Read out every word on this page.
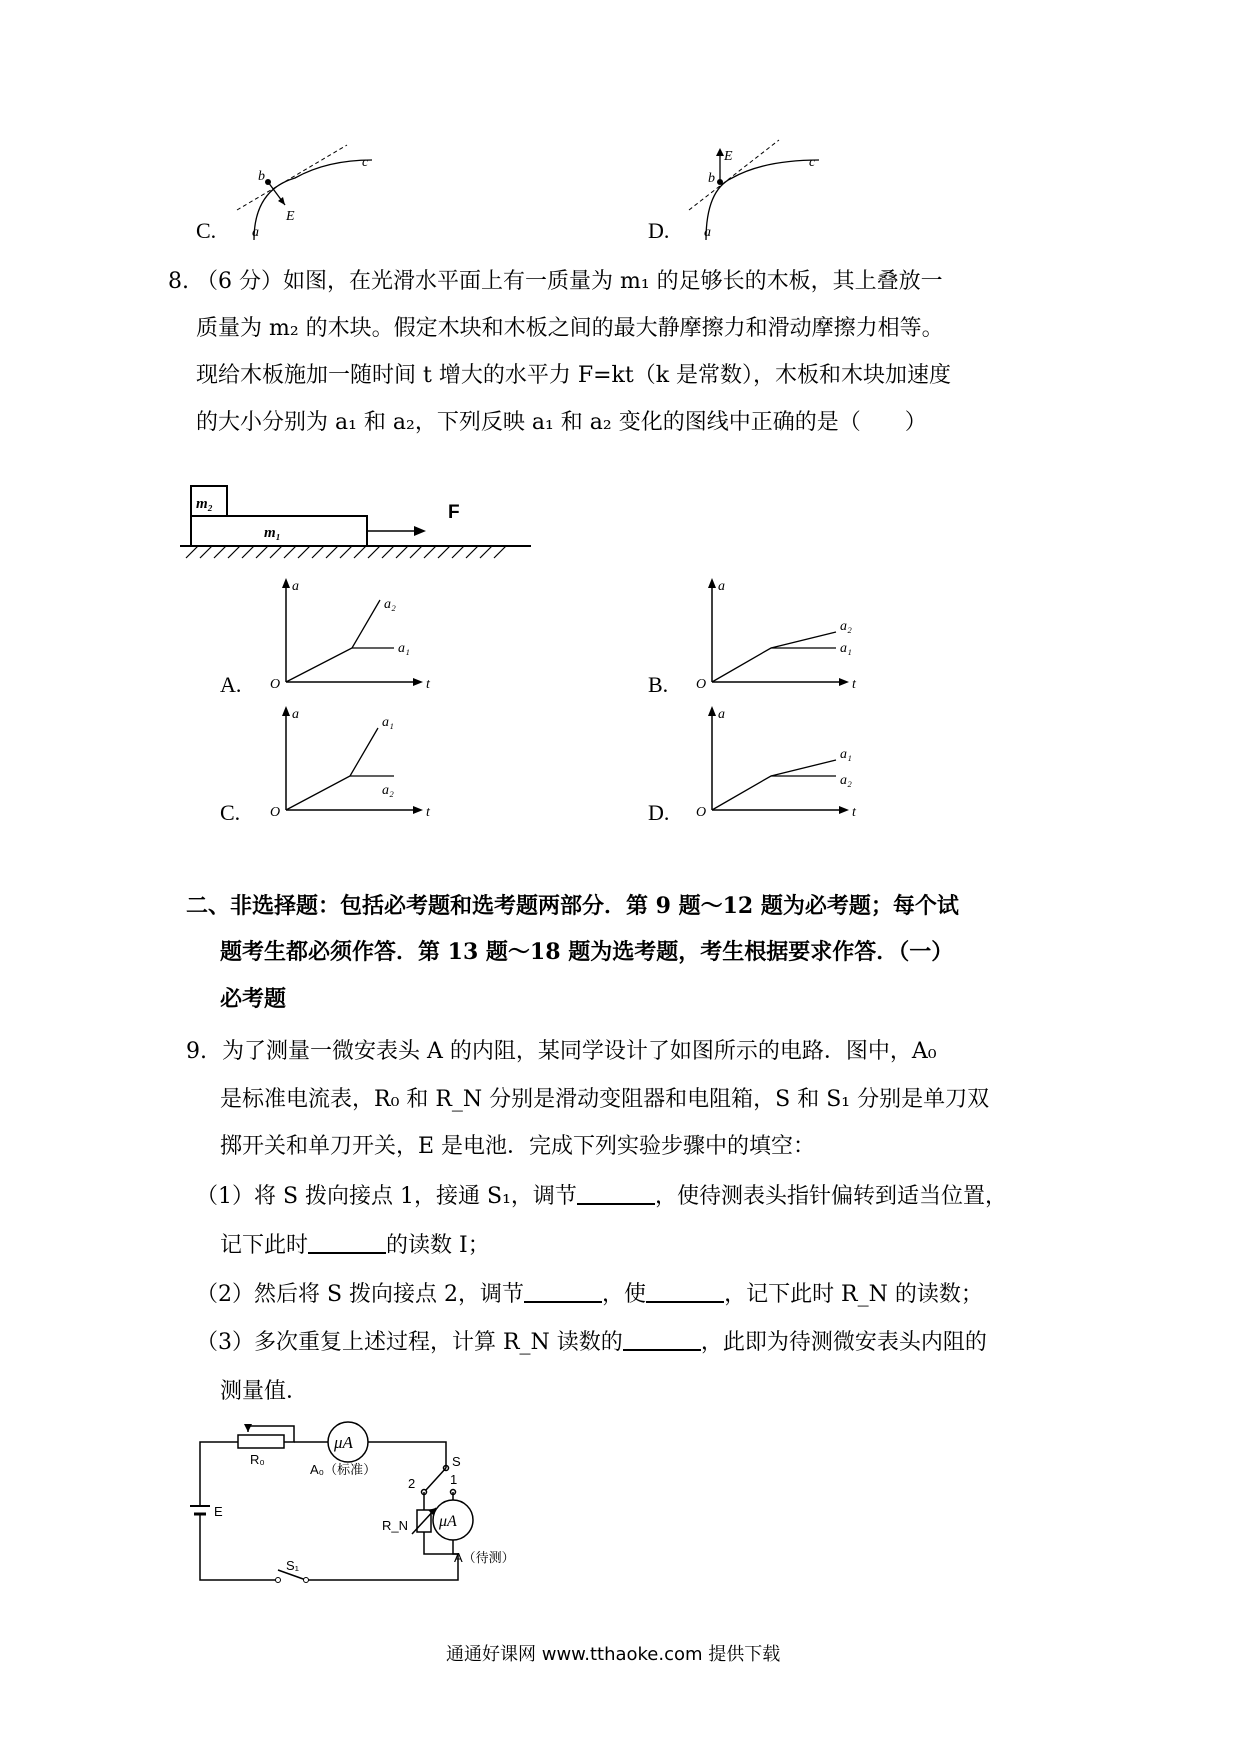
C.
b
c
E
a	D.
E
b
c
a
8. （6 分）如图，在光滑水平面上有一质量为 m₁ 的足够长的木板，其上叠放一
质量为 m₂ 的木块。假定木块和木板之间的最大静摩擦力和滑动摩擦力相等。
现给木板施加一随时间 t 增大的水平力 F=kt（k 是常数），木板和木块加速度
的大小分别为 a₁ 和 a₂，下列反映 a₁ 和 a₂ 变化的图线中正确的是（　　）
m₂
m₁
F
A.
a
t
O
a₂
a₁
B.
a
t
O
a₂
a₁
C.
a
t
O
a₁
a₂
D.
a
t
O
a₁
a₂
二、非选择题：包括必考题和选考题两部分．第 9 题～12 题为必考题；每个试
题考生都必须作答．第 13 题～18 题为选考题，考生根据要求作答．（一）
必考题
9. 为了测量一微安表头 A 的内阻，某同学设计了如图所示的电路．图中，A₀
是标准电流表，R₀ 和 R_N 分别是滑动变阻器和电阻箱，S 和 S₁ 分别是单刀双
掷开关和单刀开关，E 是电池．完成下列实验步骤中的填空：
（1）将 S 拨向接点 1，接通 S₁，调节	，使待测表头指针偏转到适当位置，
记下此时	的读数 I；
（2）然后将 S 拨向接点 2，调节	，使	，记下此时 R_N 的读数；
（3）多次重复上述过程，计算 R_N 读数的	，此即为待测微安表头内阻的
测量值．
μA
μA
R₀
A₀（标准）
S
1
2
R_N
A（待测）
E
S₁
通通好课网 www.tthaoke.com 提供下载
